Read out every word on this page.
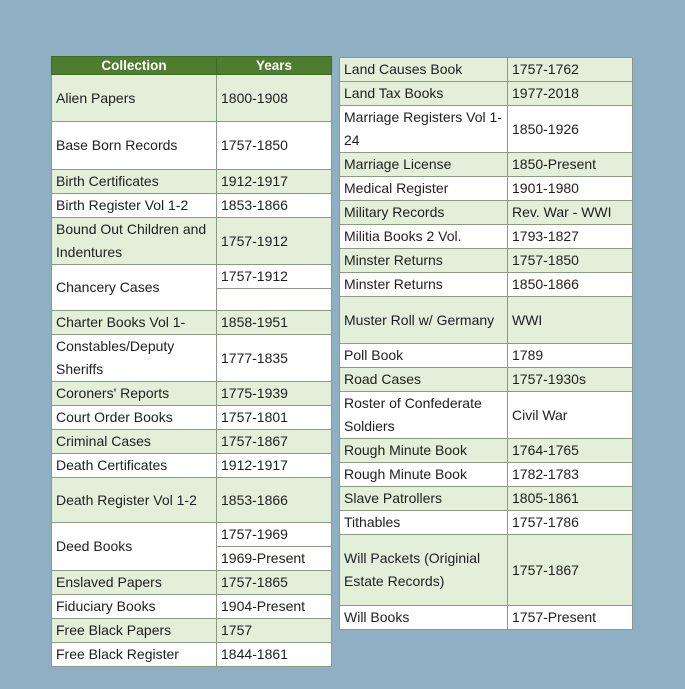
Collection	Years
Alien Papers	1800-1908
Base Born Records	1757-1850
Birth Certificates	1912-1917
Birth Register Vol 1-2	1853-1866
Bound Out Children and Indentures	1757-1912
Chancery Cases	1757-1912

Charter Books Vol 1-	1858-1951
Constables/Deputy Sheriffs	1777-1835
Coroners' Reports	1775-1939
Court Order Books	1757-1801
Criminal Cases	1757-1867
Death Certificates	1912-1917
Death Register Vol 1-2	1853-1866
Deed Books	1757-1969
	1969-Present
Enslaved Papers	1757-1865
Fiduciary Books	1904-Present
Free Black Papers	1757
Free Black Register	1844-1861
Land Causes Book	1757-1762
Land Tax Books	1977-2018
Marriage Registers Vol 1-24	1850-1926
Marriage License	1850-Present
Medical Register	1901-1980
Military Records	Rev. War - WWI
Militia Books 2 Vol.	1793-1827
Minster Returns	1757-1850
Minster Returns	1850-1866
Muster Roll w/ Germany	WWI
Poll Book	1789
Road Cases	1757-1930s
Roster of Confederate Soldiers	Civil War
Rough Minute Book	1764-1765
Rough Minute Book	1782-1783
Slave Patrollers	1805-1861
Tithables	1757-1786
Will Packets (Originial Estate Records)	1757-1867
Will Books	1757-Present
